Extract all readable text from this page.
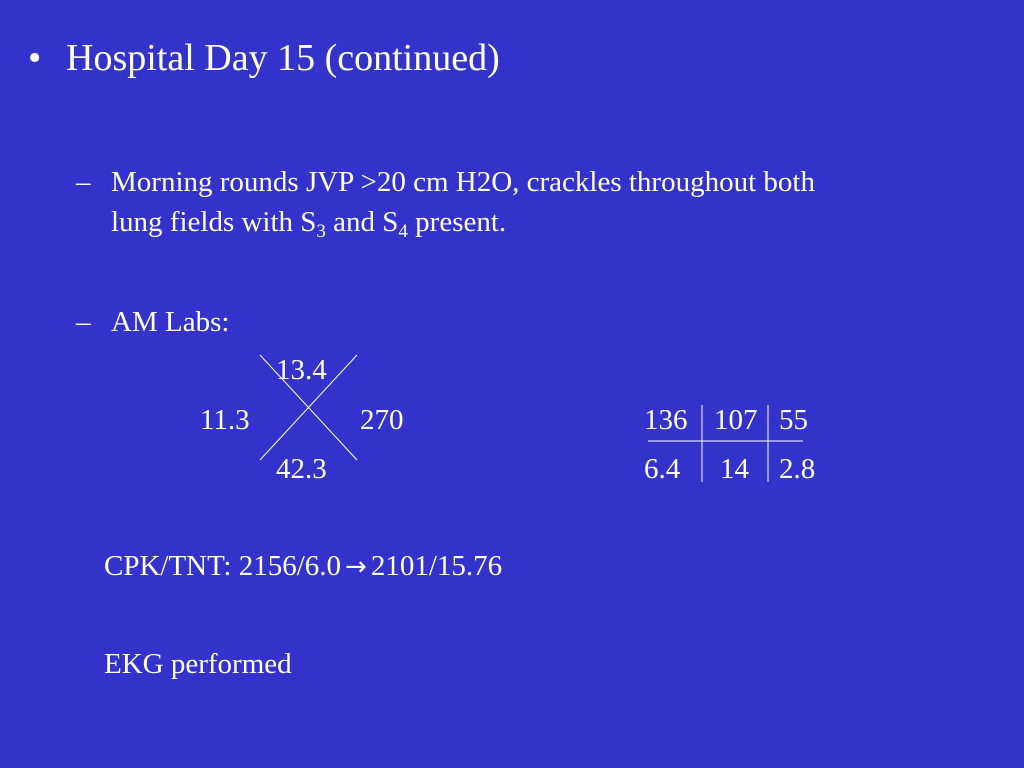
• Hospital Day 15 (continued)
– Morning rounds JVP >20 cm H2O, crackles throughout both
lung fields with $S_3$ and $S_4$ present.
– AM Labs:
13.4
11.3	270
42.3
136 107 55
6.4 14 2.8
CPK/TNT: 2156/6.0 → 2101/15.76
EKG performed
